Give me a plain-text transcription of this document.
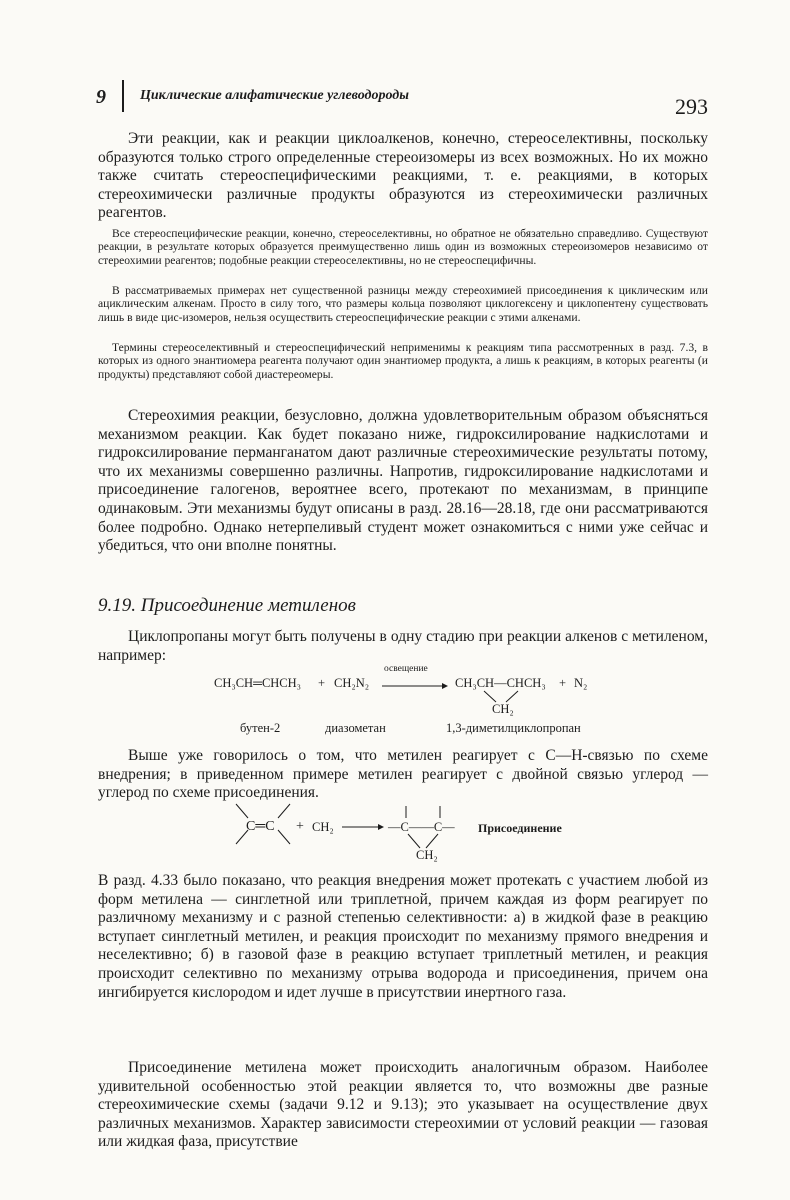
9 Циклические алифатические углеводороды	293
Эти реакции, как и реакции циклоалкенов, конечно, стереоселективны, поскольку образуются только строго определенные стереоизомеры из всех возможных. Но их можно также считать стереоспецифическими реакциями, т. е. реакциями, в которых стереохимически различные продукты образуются из стереохимически различных реагентов.
Все стереоспецифические реакции, конечно, стереоселективны, но обратное не обязательно справедливо. Существуют реакции, в результате которых образуется преимущественно лишь один из возможных стереоизомеров независимо от стереохимии реагентов; подобные реакции стереоселективны, но не стереоспецифичны.
В рассматриваемых примерах нет существенной разницы между стереохимией присоединения к циклическим или ациклическим алкенам. Просто в силу того, что размеры кольца позволяют циклогексену и циклопентену существовать лишь в виде цис-изомеров, нельзя осуществить стереоспецифические реакции с этими алкенами.
Термины стереоселективный и стереоспецифический неприменимы к реакциям типа рассмотренных в разд. 7.3, в которых из одного энантиомера реагента получают один энантиомер продукта, а лишь к реакциям, в которых реагенты (и продукты) представляют собой диастереомеры.
Стереохимия реакции, безусловно, должна удовлетворительным образом объясняться механизмом реакции. Как будет показано ниже, гидроксилирование надкислотами и гидроксилирование перманганатом дают различные стереохимические результаты потому, что их механизмы совершенно различны. Напротив, гидроксилирование надкислотами и присоединение галогенов, вероятнее всего, протекают по механизмам, в принципе одинаковым. Эти механизмы будут описаны в разд. 28.16—28.18, где они рассматриваются более подробно. Однако нетерпеливый студент может ознакомиться с ними уже сейчас и убедиться, что они вполне понятны.
9.19. Присоединение метиленов
Циклопропаны могут быть получены в одну стадию при реакции алкенов с метиленом, например:
CH₃CH═CHCH₃ + CH₂N₂
освещение
CH₃CH—CHCH₃
CH₂
+ N₂
бутен-2	диазометан	1,3-диметилциклопропан
Выше уже говорилось о том, что метилен реагирует с С—Н-связью по схеме внедрения; в приведенном примере метилен реагирует с двойной связью углерод — углерод по схеме присоединения.
C═C + CH₂ → —C——C—
CH₂
Присоединение
В разд. 4.33 было показано, что реакция внедрения может протекать с участием любой из форм метилена — синглетной или триплетной, причем каждая из форм реагирует по различному механизму и с разной степенью селективности: а) в жидкой фазе в реакцию вступает синглетный метилен, и реакция происходит по механизму прямого внедрения и неселективно; б) в газовой фазе в реакцию вступает триплетный метилен, и реакция происходит селективно по механизму отрыва водорода и присоединения, причем она ингибируется кислородом и идет лучше в присутствии инертного газа.
Присоединение метилена может происходить аналогичным образом. Наиболее удивительной особенностью этой реакции является то, что возможны две разные стереохимические схемы (задачи 9.12 и 9.13); это указывает на осуществление двух различных механизмов. Характер зависимости стереохимии от условий реакции — газовая или жидкая фаза, присутствие
